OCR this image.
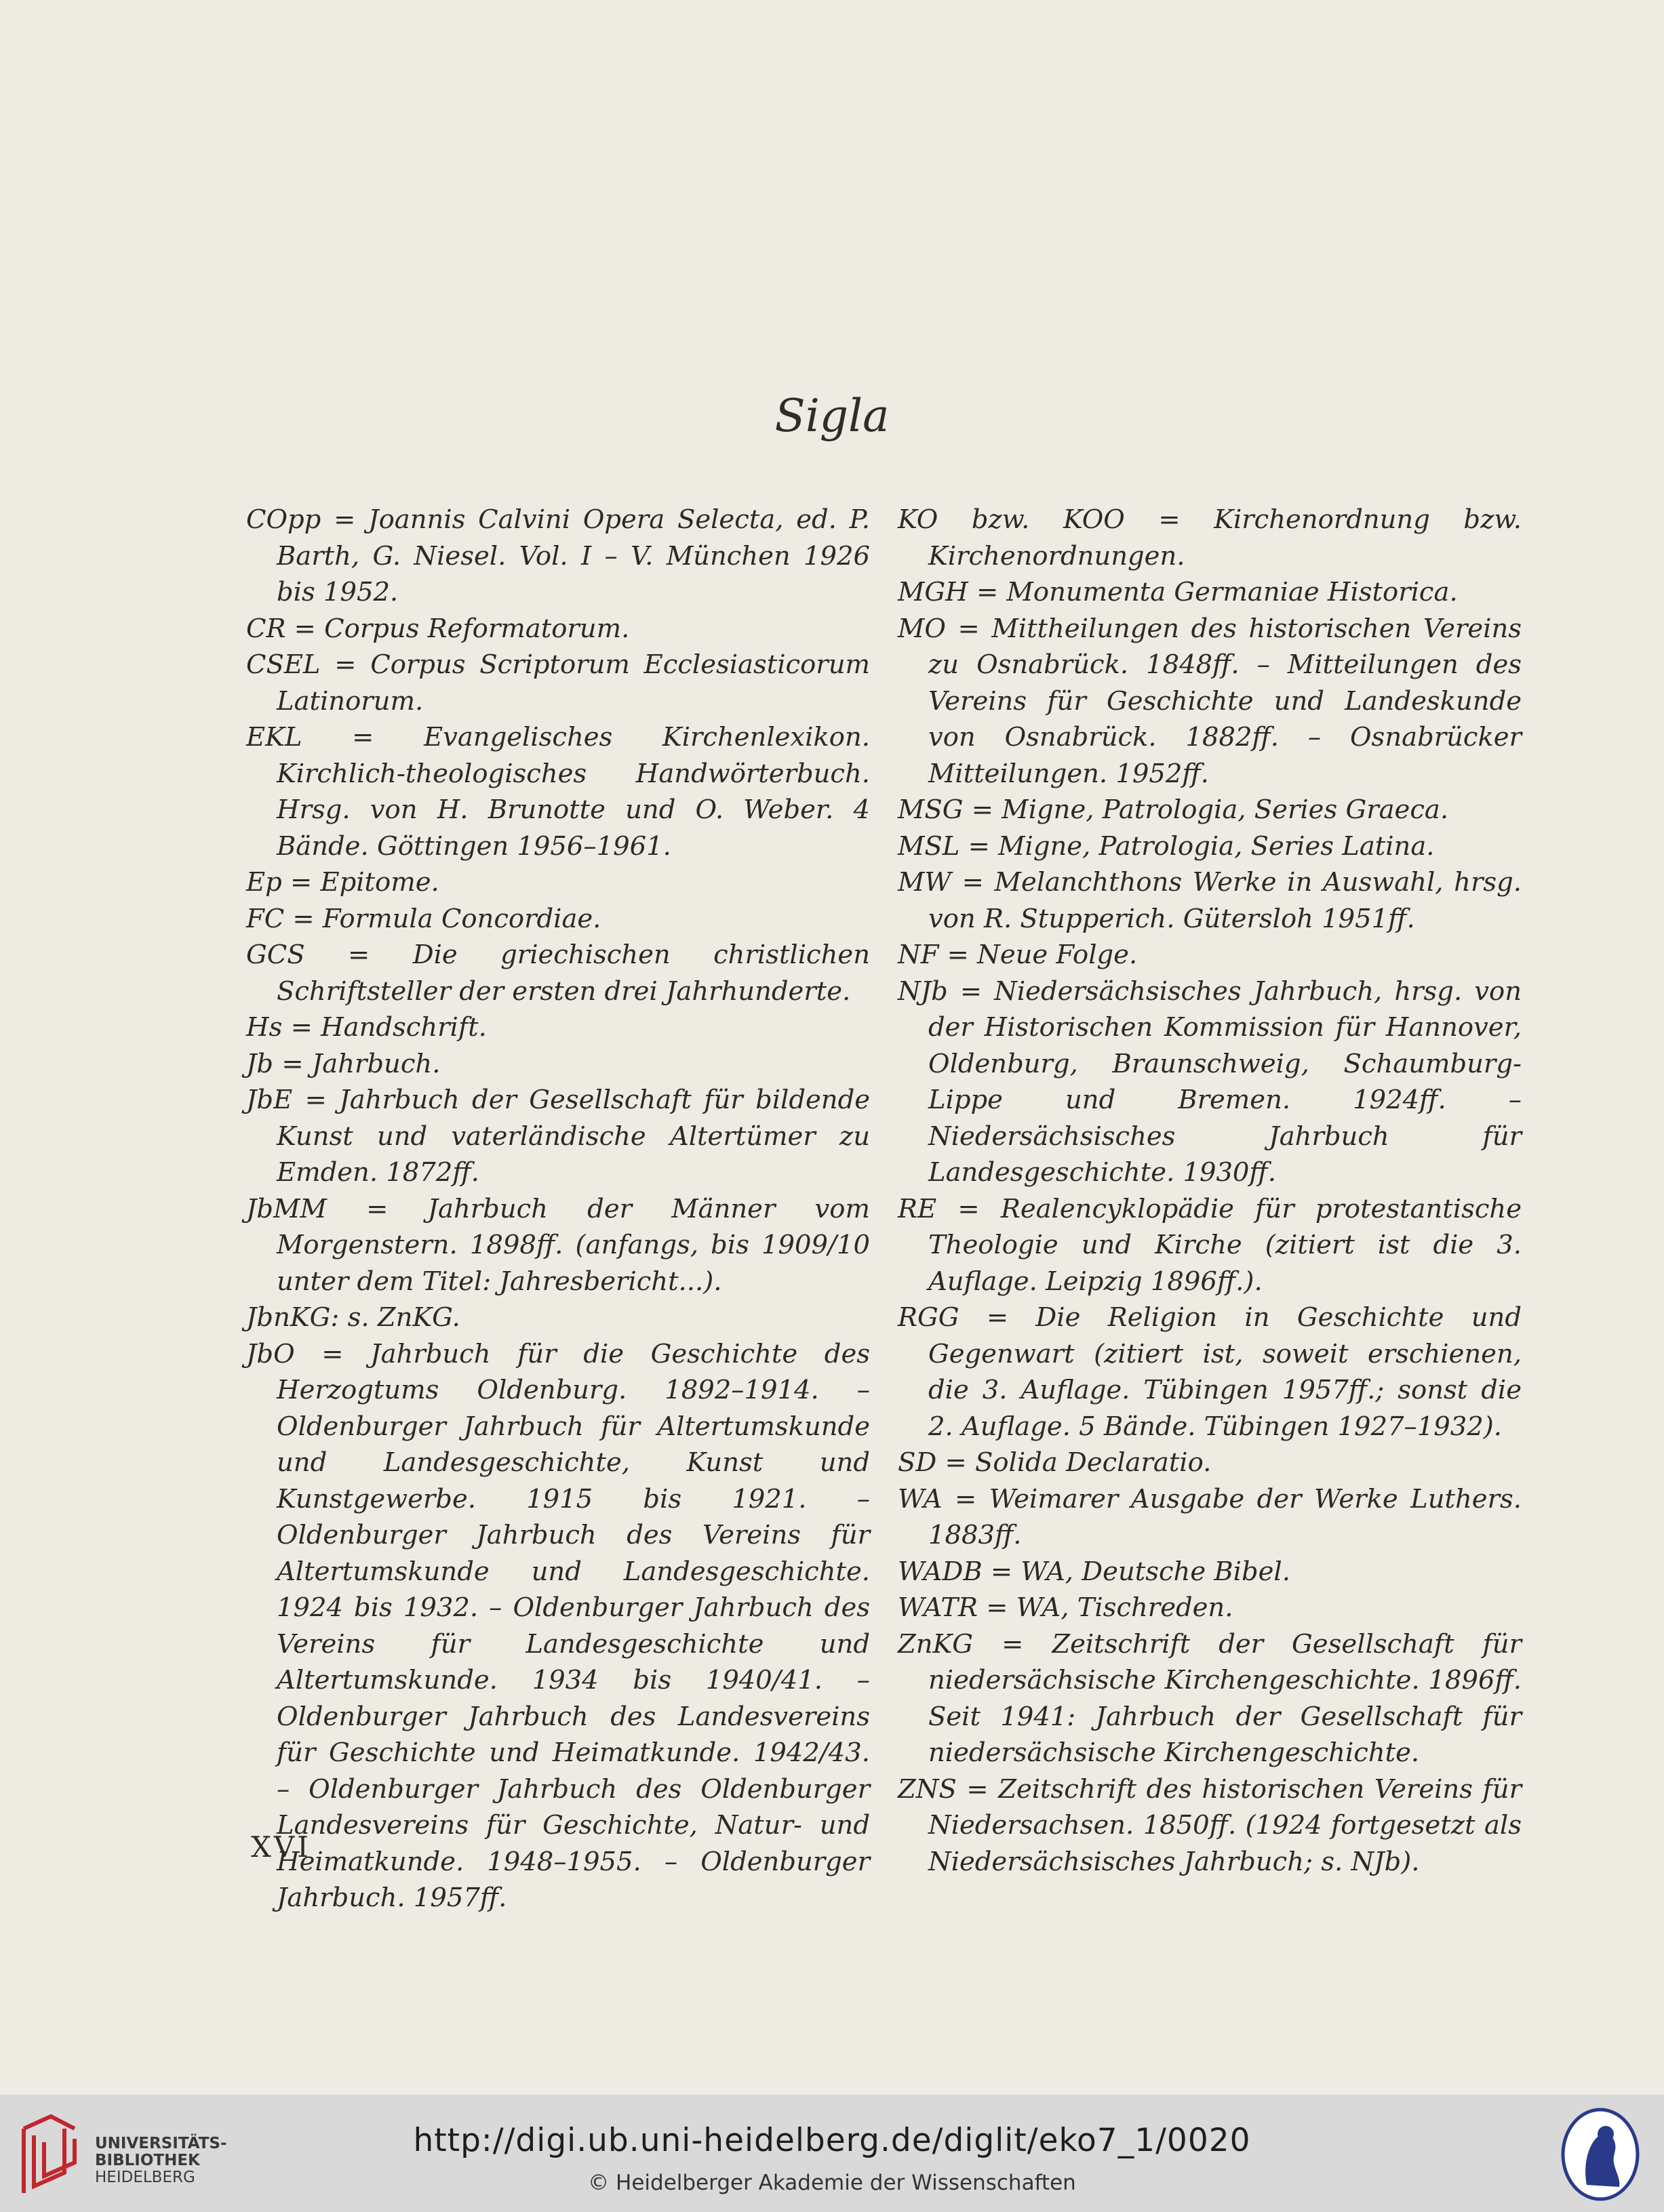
Sigla

COpp = Joannis Calvini Opera Selecta, ed. P. Barth, G. Niesel. Vol. I – V. München 1926 bis 1952.

CR = Corpus Reformatorum.

CSEL = Corpus Scriptorum Ecclesiasticorum Latinorum.

EKL = Evangelisches Kirchenlexikon. Kirchlich-theologisches Handwörterbuch. Hrsg. von H. Brunotte und O. Weber. 4 Bände. Göttingen 1956–1961.

Ep = Epitome.

FC = Formula Concordiae.

GCS = Die griechischen christlichen Schriftsteller der ersten drei Jahrhunderte.

Hs = Handschrift.

Jb = Jahrbuch.

JbE = Jahrbuch der Gesellschaft für bildende Kunst und vaterländische Altertümer zu Emden. 1872ff.

JbMM = Jahrbuch der Männer vom Morgenstern. 1898ff. (anfangs, bis 1909/10 unter dem Titel: Jahresbericht...).

JbnKG: s. ZnKG.

JbO = Jahrbuch für die Geschichte des Herzogtums Oldenburg. 1892–1914. – Oldenburger Jahrbuch für Altertumskunde und Landesgeschichte, Kunst und Kunstgewerbe. 1915 bis 1921. – Oldenburger Jahrbuch des Vereins für Altertumskunde und Landesgeschichte. 1924 bis 1932. – Oldenburger Jahrbuch des Vereins für Landesgeschichte und Altertumskunde. 1934 bis 1940/41. – Oldenburger Jahrbuch des Landesvereins für Geschichte und Heimatkunde. 1942/43. – Oldenburger Jahrbuch des Oldenburger Landesvereins für Geschichte, Natur- und Heimatkunde. 1948–1955. – Oldenburger Jahrbuch. 1957ff.

KO bzw. KOO = Kirchenordnung bzw. Kirchenordnungen.

MGH = Monumenta Germaniae Historica.

MO = Mittheilungen des historischen Vereins zu Osnabrück. 1848ff. – Mitteilungen des Vereins für Geschichte und Landeskunde von Osnabrück. 1882ff. – Osnabrücker Mitteilungen. 1952ff.

MSG = Migne, Patrologia, Series Graeca.

MSL = Migne, Patrologia, Series Latina.

MW = Melanchthons Werke in Auswahl, hrsg. von R. Stupperich. Gütersloh 1951ff.

NF = Neue Folge.

NJb = Niedersächsisches Jahrbuch, hrsg. von der Historischen Kommission für Hannover, Oldenburg, Braunschweig, Schaumburg-Lippe und Bremen. 1924ff. – Niedersächsisches Jahrbuch für Landesgeschichte. 1930ff.

RE = Realencyklopädie für protestantische Theologie und Kirche (zitiert ist die 3. Auflage. Leipzig 1896ff.).

RGG = Die Religion in Geschichte und Gegenwart (zitiert ist, soweit erschienen, die 3. Auflage. Tübingen 1957ff.; sonst die 2. Auflage. 5 Bände. Tübingen 1927–1932).

SD = Solida Declaratio.

WA = Weimarer Ausgabe der Werke Luthers. 1883ff.

WADB = WA, Deutsche Bibel.

WATR = WA, Tischreden.

ZnKG = Zeitschrift der Gesellschaft für niedersächsische Kirchengeschichte. 1896ff. Seit 1941: Jahrbuch der Gesellschaft für niedersächsische Kirchengeschichte.

ZNS = Zeitschrift des historischen Vereins für Niedersachsen. 1850ff. (1924 fortgesetzt als Niedersächsisches Jahrbuch; s. NJb).

XVI
UNIVERSITÄTS-
BIBLIOTHEK
HEIDELBERG
http://digi.ub.uni-heidelberg.de/diglit/eko7_1/0020
© Heidelberger Akademie der Wissenschaften
